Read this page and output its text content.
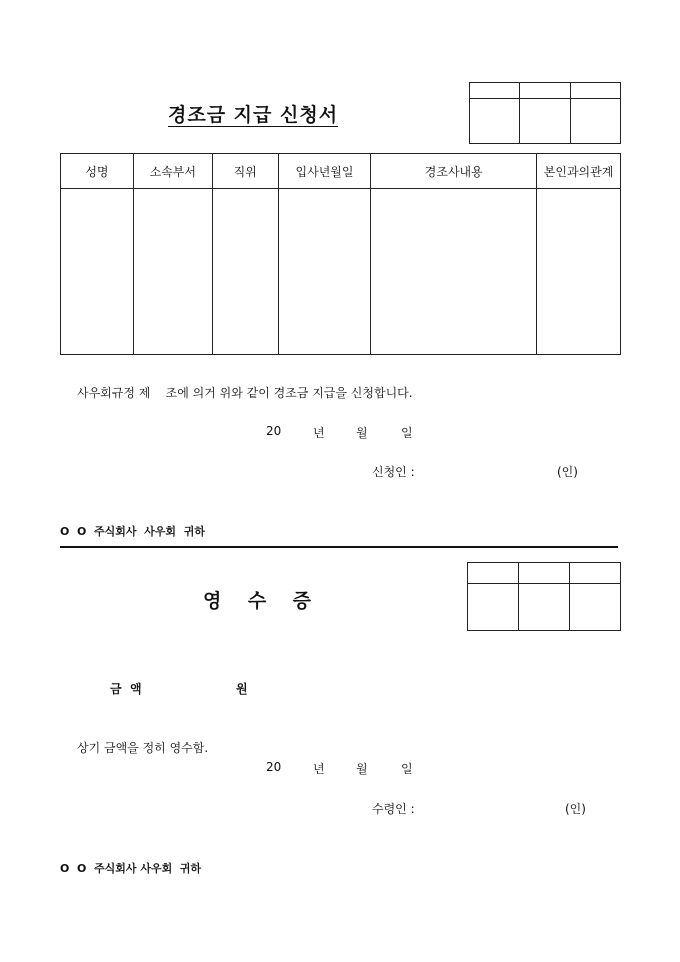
경조금 지급 신청서

성명	소속부서	직위	입사년월일	경조사내용	본인과의관계

사우회규정 제    조에 의거 위와 같이 경조금 지급을 신청합니다.
20	년	월	일
신청인 :	(인)
O  O  주식회사  사우회  귀하
영    수    증

금  액	원
상기 금액을 정히 영수함.
20	년	월	일
수령인 :	(인)
O  O  주식회사 사우회  귀하
